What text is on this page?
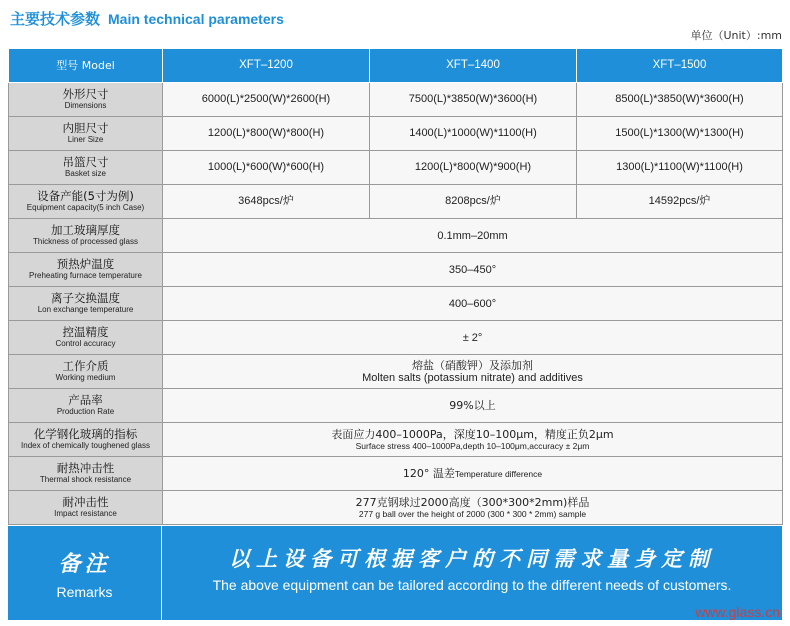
主要技术参数 Main technical parameters
单位（Unit）:mm
型号 Model	XFT–1200	XFT–1400	XFT–1500

外形尺寸
Dimensions	6000(L)*2500(W)*2600(H)	7500(L)*3850(W)*3600(H)	8500(L)*3850(W)*3600(H)

内胆尺寸
Liner Size	1200(L)*800(W)*800(H)	1400(L)*1000(W)*1100(H)	1500(L)*1300(W)*1300(H)

吊篮尺寸
Basket size	1000(L)*600(W)*600(H)	1200(L)*800(W)*900(H)	1300(L)*1100(W)*1100(H)

设备产能(5寸为例)
Equipment capacity(5 inch Case)	3648pcs/炉	8208pcs/炉	14592pcs/炉

加工玻璃厚度
Thickness of processed glass	0.1mm–20mm		

预热炉温度
Preheating furnace temperature	350–450°		

离子交换温度
Lon exchange temperature	400–600°		

控温精度
Control accuracy	± 2°		

工作介质
Working medium	熔盐（硝酸钾）及添加剂
Molten salts (potassium nitrate) and additives		

产品率
Production Rate	99%以上		

化学钢化玻璃的指标
Index of chemically toughened glass	表面应力400–1000Pa，深度10–100μm，精度正负2μm
Surface stress 400–1000Pa,depth 10–100μm,accuracy ± 2μm		

耐热冲击性
Thermal shock resistance	120° 温差Temperature difference		

耐冲击性
Impact resistance	277克钢球过2000高度（300*300*2mm)样品
277 g ball over the height of 2000 (300 * 300 * 2mm) sample		
备注
Remarks
以上设备可根据客户的不同需求量身定制
The above equipment can be tailored according to the different needs of customers.
www.glass.cn
